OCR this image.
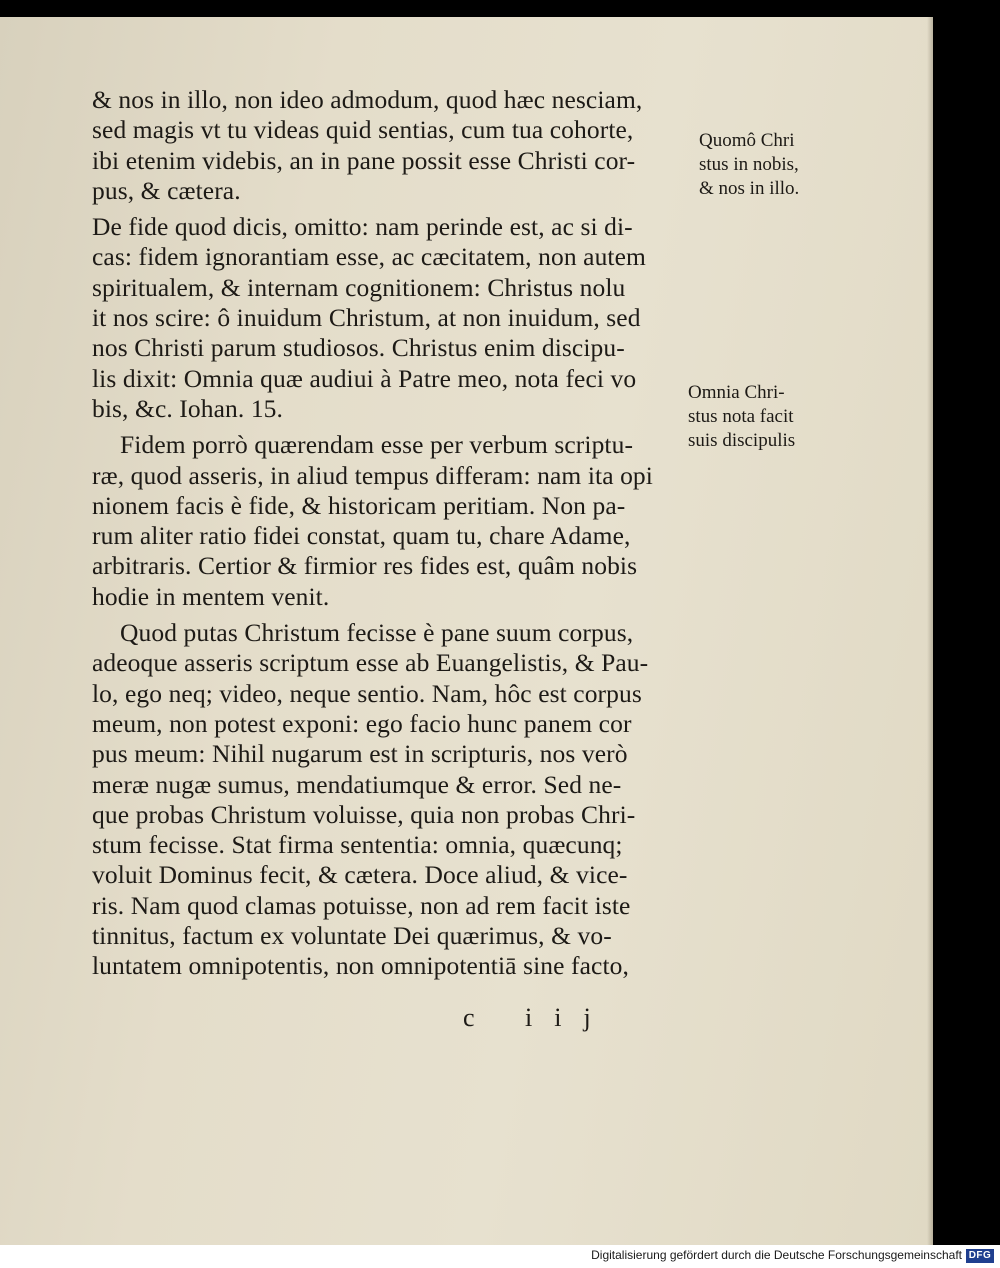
& nos in illo, non ideo admodum, quod hæc nesciam,
sed magis vt tu videas quid sentias, cum tua cohorte,
ibi etenim videbis, an in pane possit esse Christi cor-
pus, & cætera.

De fide quod dicis, omitto: nam perinde est, ac si di-
cas: fidem ignorantiam esse, ac cæcitatem, non autem
spiritualem, & internam cognitionem: Christus nolu
it nos scire: ô inuidum Christum, at non inuidum, sed
nos Christi parum studiosos. Christus enim discipu-
lis dixit: Omnia quæ audiui à Patre meo, nota feci vo
bis, &c. Iohan. 15.

Fidem porrò quærendam esse per verbum scriptu-
ræ, quod asseris, in aliud tempus differam: nam ita opi
nionem facis è fide, & historicam peritiam. Non pa-
rum aliter ratio fidei constat, quam tu, chare Adame,
arbitraris. Certior & firmior res fides est, quâm nobis
hodie in mentem venit.

Quod putas Christum fecisse è pane suum corpus,
adeoque asseris scriptum esse ab Euangelistis, & Pau-
lo, ego neq; video, neque sentio. Nam, hôc est corpus
meum, non potest exponi: ego facio hunc panem cor
pus meum: Nihil nugarum est in scripturis, nos verò
meræ nugæ sumus, mendatiumque & error. Sed ne-
que probas Christum voluisse, quia non probas Chri-
stum fecisse. Stat firma sententia: omnia, quæcunq;
voluit Dominus fecit, & cætera. Doce aliud, & vice-
ris. Nam quod clamas potuisse, non ad rem facit iste
tinnitus, factum ex voluntate Dei quærimus, & vo-
luntatem omnipotentis, non omnipotentiā sine facto,

Quomô Chri
stus in nobis,
& nos in illo.
Omnia Chri-
stus nota facit
suis discipulis
c iij
Digitalisierung gefördert durch die Deutsche Forschungsgemeinschaft DFG
